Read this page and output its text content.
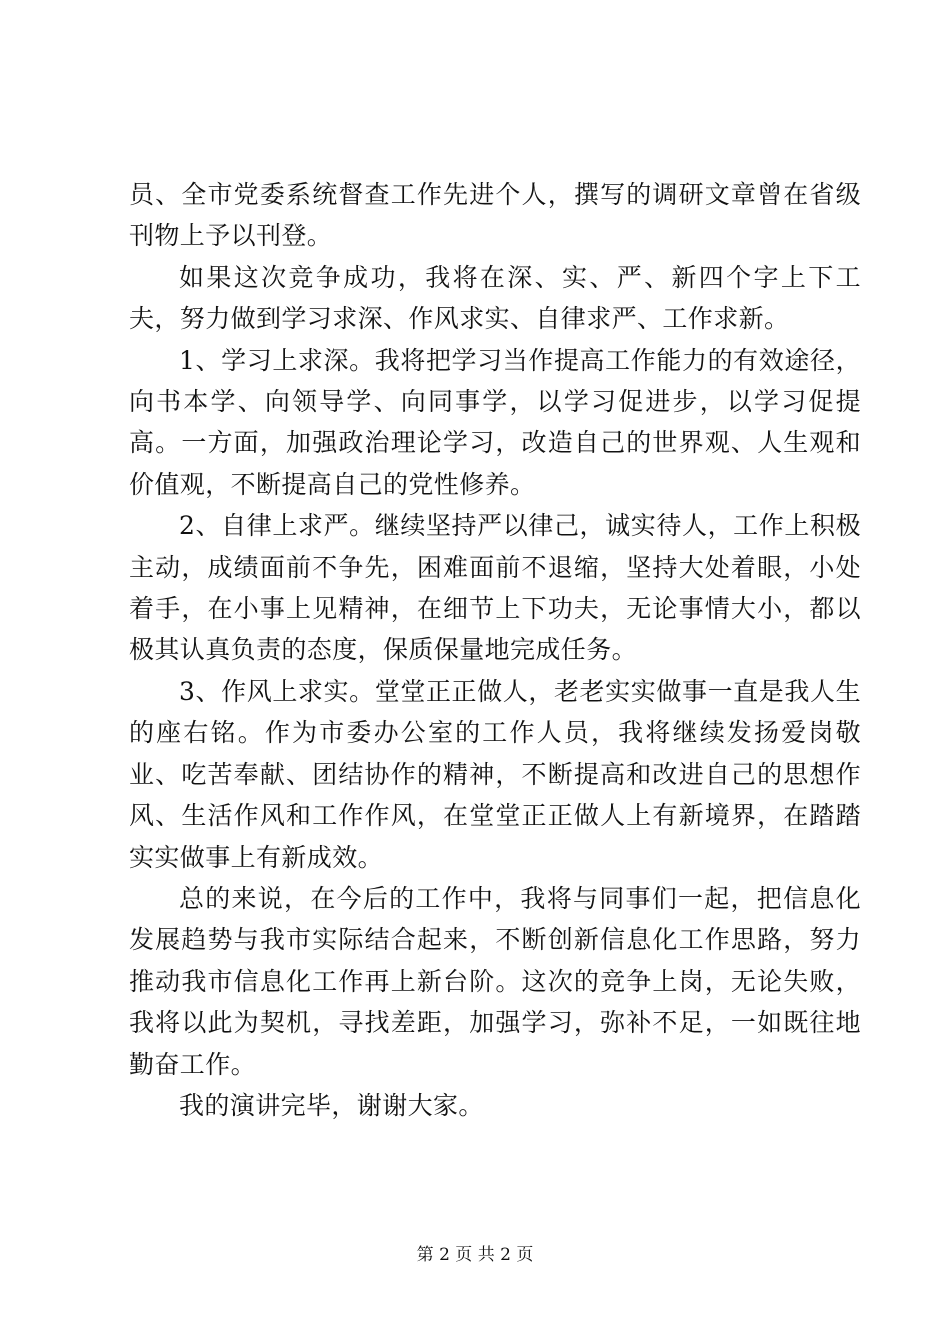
员、全市党委系统督查工作先进个人，撰写的调研文章曾在省级刊物上予以刊登。

如果这次竞争成功，我将在深、实、严、新四个字上下工夫，努力做到学习求深、作风求实、自律求严、工作求新。

1、学习上求深。我将把学习当作提高工作能力的有效途径，向书本学、向领导学、向同事学，以学习促进步，以学习促提高。一方面，加强政治理论学习，改造自己的世界观、人生观和价值观，不断提高自己的党性修养。

2、自律上求严。继续坚持严以律己，诚实待人，工作上积极主动，成绩面前不争先，困难面前不退缩，坚持大处着眼，小处着手，在小事上见精神，在细节上下功夫，无论事情大小，都以极其认真负责的态度，保质保量地完成任务。

3、作风上求实。堂堂正正做人，老老实实做事一直是我人生的座右铭。作为市委办公室的工作人员，我将继续发扬爱岗敬业、吃苦奉献、团结协作的精神，不断提高和改进自己的思想作风、生活作风和工作作风，在堂堂正正做人上有新境界，在踏踏实实做事上有新成效。

总的来说，在今后的工作中，我将与同事们一起，把信息化发展趋势与我市实际结合起来，不断创新信息化工作思路，努力推动我市信息化工作再上新台阶。这次的竞争上岗，无论失败，我将以此为契机，寻找差距，加强学习，弥补不足，一如既往地勤奋工作。

我的演讲完毕，谢谢大家。

第 2 页 共 2 页
